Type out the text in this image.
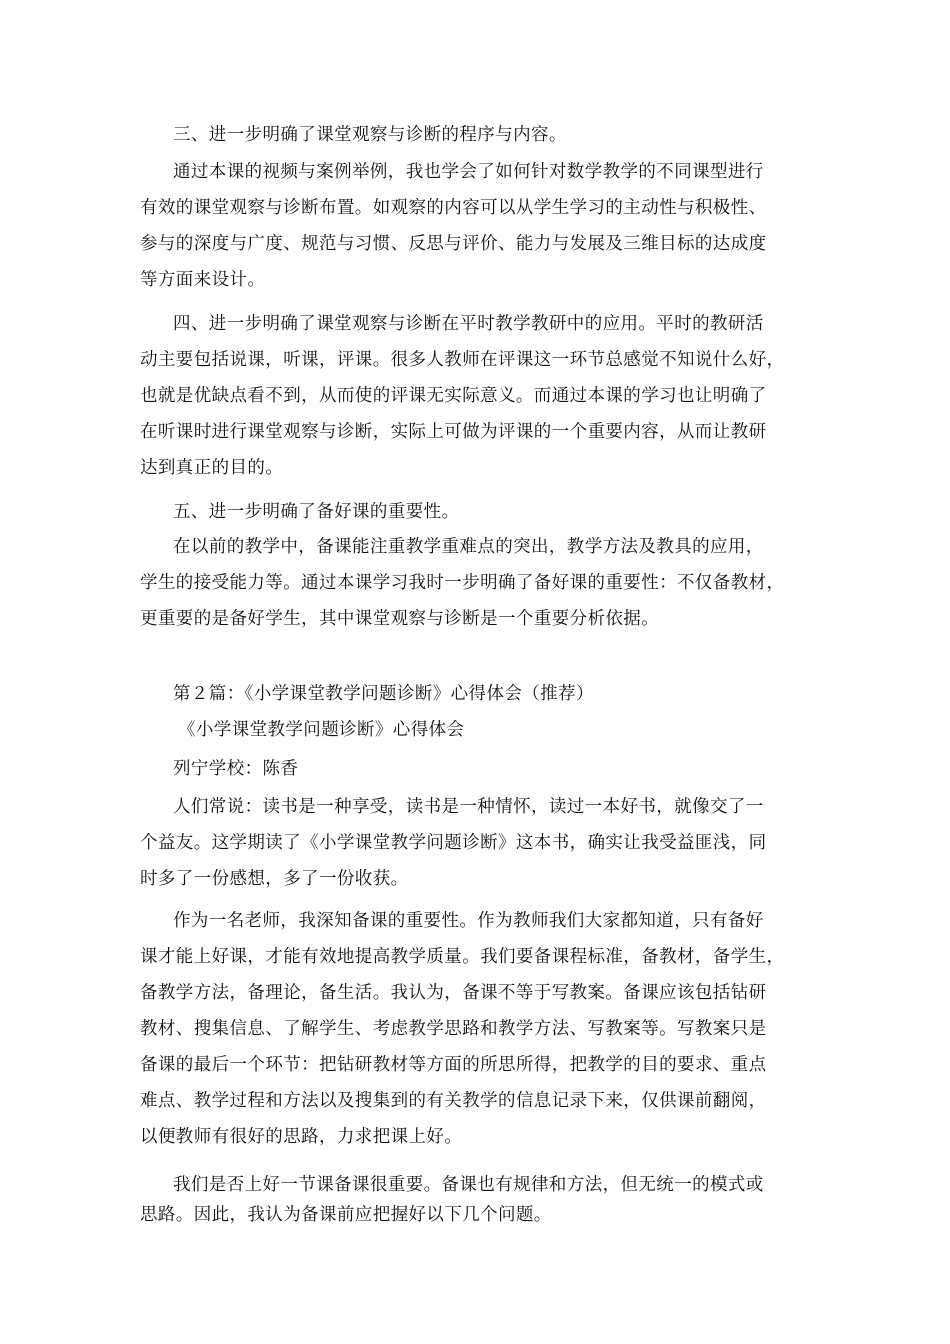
三、进一步明确了课堂观察与诊断的程序与内容。
通过本课的视频与案例举例，我也学会了如何针对数学教学的不同课型进行
有效的课堂观察与诊断布置。如观察的内容可以从学生学习的主动性与积极性、
参与的深度与广度、规范与习惯、反思与评价、能力与发展及三维目标的达成度
等方面来设计。
四、进一步明确了课堂观察与诊断在平时教学教研中的应用。平时的教研活
动主要包括说课，听课，评课。很多人教师在评课这一环节总感觉不知说什么好，
也就是优缺点看不到，从而使的评课无实际意义。而通过本课的学习也让明确了
在听课时进行课堂观察与诊断，实际上可做为评课的一个重要内容，从而让教研
达到真正的目的。
五、进一步明确了备好课的重要性。
在以前的教学中，备课能注重教学重难点的突出，教学方法及教具的应用，
学生的接受能力等。通过本课学习我时一步明确了备好课的重要性：不仅备教材，
更重要的是备好学生，其中课堂观察与诊断是一个重要分析依据。
第２篇：《小学课堂教学问题诊断》心得体会（推荐）
《小学课堂教学问题诊断》心得体会
列宁学校：陈香
人们常说：读书是一种享受，读书是一种情怀，读过一本好书，就像交了一
个益友。这学期读了《小学课堂教学问题诊断》这本书，确实让我受益匪浅，同
时多了一份感想，多了一份收获。
作为一名老师，我深知备课的重要性。作为教师我们大家都知道，只有备好
课才能上好课，才能有效地提高教学质量。我们要备课程标准，备教材，备学生，
备教学方法，备理论，备生活。我认为，备课不等于写教案。备课应该包括钻研
教材、搜集信息、了解学生、考虑教学思路和教学方法、写教案等。写教案只是
备课的最后一个环节：把钻研教材等方面的所思所得，把教学的目的要求、重点
难点、教学过程和方法以及搜集到的有关教学的信息记录下来，仅供课前翻阅，
以便教师有很好的思路，力求把课上好。
我们是否上好一节课备课很重要。备课也有规律和方法，但无统一的模式或
思路。因此，我认为备课前应把握好以下几个问题。
